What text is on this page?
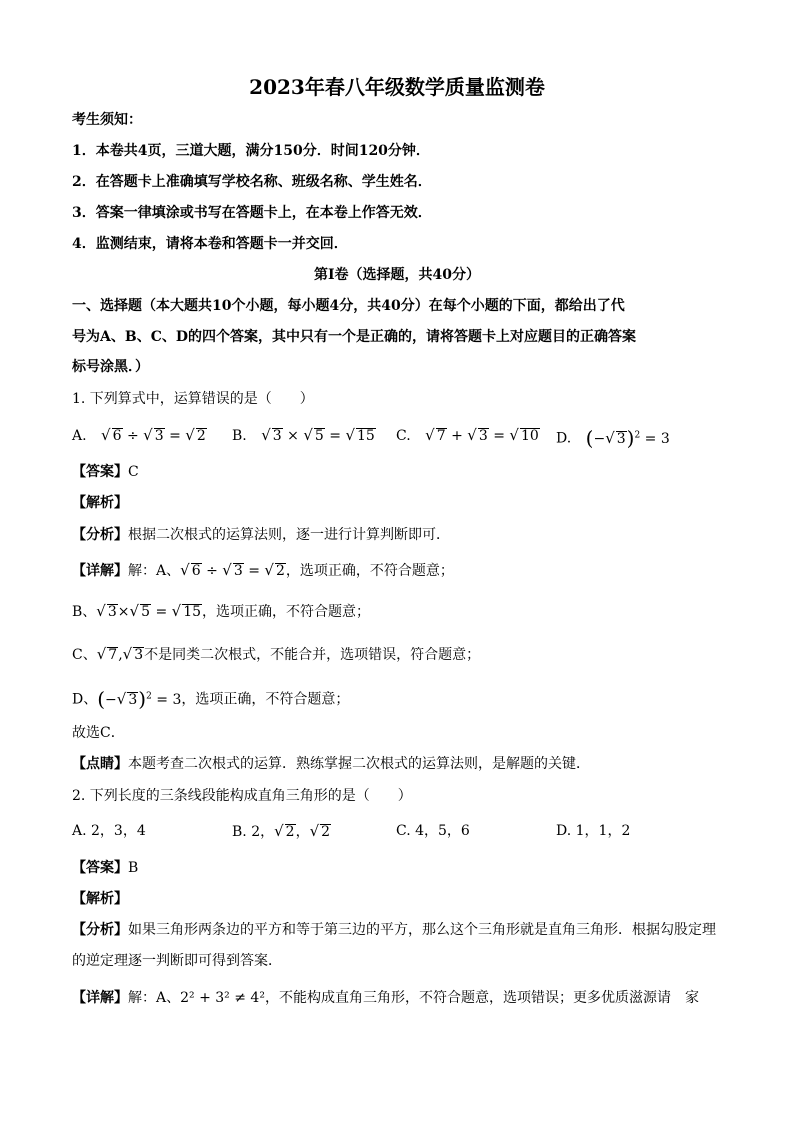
2023年春八年级数学质量监测卷
考生须知：
1．本卷共4页，三道大题，满分150分．时间120分钟．
2．在答题卡上准确填写学校名称、班级名称、学生姓名．
3．答案一律填涂或书写在答题卡上，在本卷上作答无效．
4．监测结束，请将本卷和答题卡一并交回．
第Ⅰ卷（选择题，共40分）
一、选择题（本大题共10个小题，每小题4分，共40分）在每个小题的下面，都给出了代
号为A、B、C、D的四个答案，其中只有一个是正确的，请将答题卡上对应题目的正确答案
标号涂黑．）
1. 下列算式中，运算错误的是（　　）
A. √ 6 ÷ √ 3 = √ 2 B. √ 3 × √ 5 = √ 15 C. √ 7 + √ 3 = √ 10 D. (−√ 3)$^2$ = 3
【答案】C
【解析】
【分析】根据二次根式的运算法则，逐一进行计算判断即可．
【详解】解：A、√ 6 ÷ √ 3 = √ 2，选项正确，不符合题意；
B、√ 3×√ 5 = √ 15，选项正确，不符合题意；
C、√ 7,√ 3不是同类二次根式，不能合并，选项错误，符合题意；
D、(−√ 3)$^2$ = 3，选项正确，不符合题意；
故选C．
【点睛】本题考查二次根式的运算．熟练掌握二次根式的运算法则，是解题的关键．
2. 下列长度的三条线段能构成直角三角形的是（　　）
A. 2，3，4	B. 2，√ 2，√ 2	C. 4，5，6	D. 1，1，2
【答案】B
【解析】
【分析】如果三角形两条边的平方和等于第三边的平方，那么这个三角形就是直角三角形．根据勾股定理
的逆定理逐一判断即可得到答案．
【详解】解：A、2² + 3² ≠ 4²，不能构成直角三角形，不符合题意，选项错误；更多优质滋源请　家
